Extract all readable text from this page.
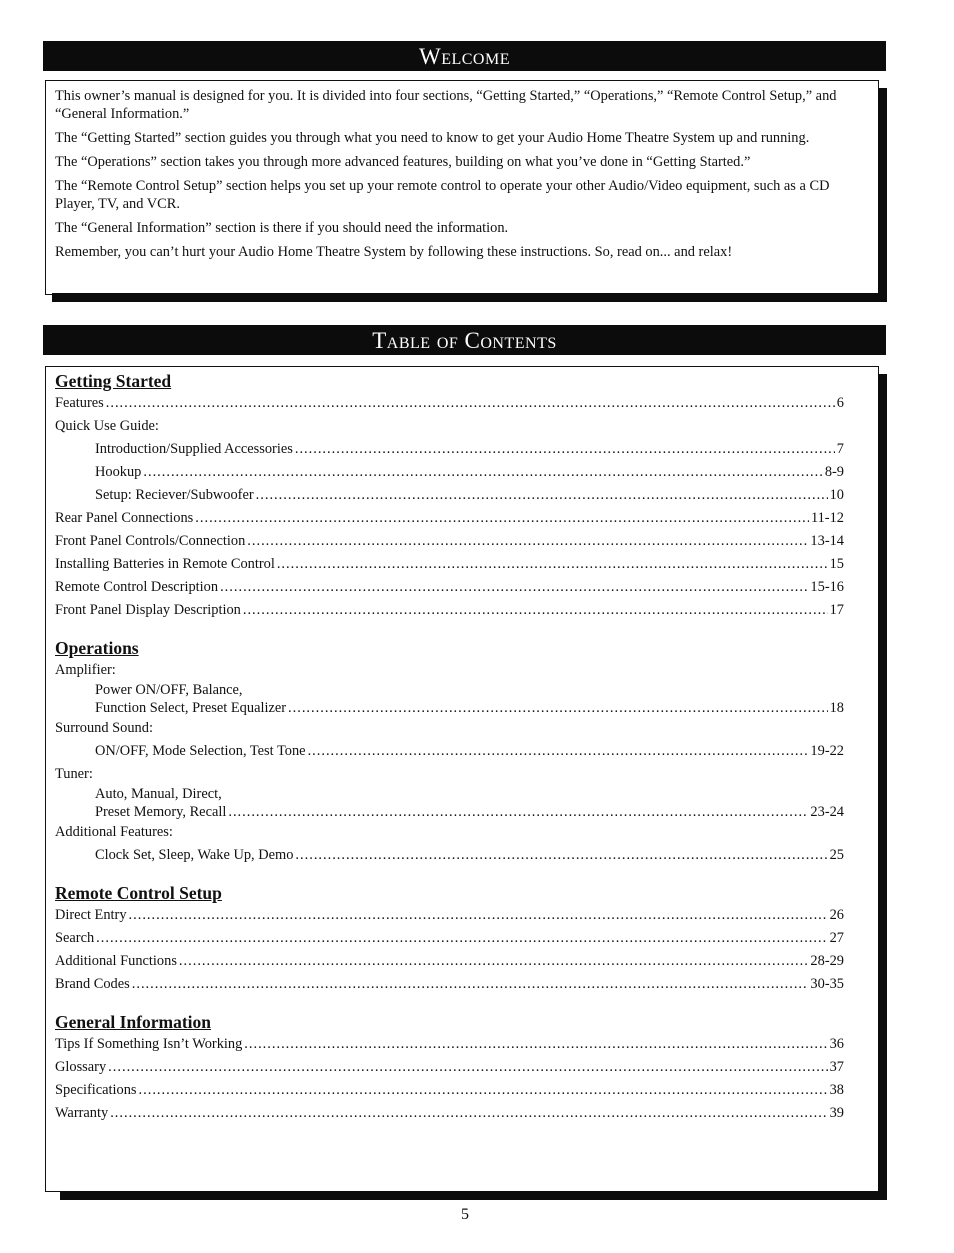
Welcome

This owner’s manual is designed for you. It is divided into four sections, “Getting Started,” “Operations,” “Remote Control Setup,” and “General Information.”

The “Getting Started” section guides you through what you need to know to get your Audio Home Theatre System up and running.

The “Operations” section takes you through more advanced features, building on what you’ve done in “Getting Started.”

The “Remote Control Setup” section helps you set up your remote control to operate your other Audio/Video equipment, such as a CD Player, TV, and VCR.

The “General Information” section is there if you should need the information.

Remember, you can’t hurt your Audio Home Theatre System by following these instructions. So, read on... and relax!

Table of Contents
Getting Started
Features .....	6
Quick Use Guide:
Introduction/Supplied Accessories .....	7
Hookup .....	8-9
Setup: Reciever/Subwoofer .....	10
Rear Panel Connections .....	11-12
Front Panel Controls/Connection .....	13-14
Installing Batteries in Remote Control .....	15
Remote Control Description .....	15-16
Front Panel Display Description .....	17
Operations
Amplifier:
Power ON/OFF, Balance,
Function Select, Preset Equalizer .....	18
Surround Sound:
ON/OFF, Mode Selection, Test Tone .....	19-22
Tuner:
Auto, Manual, Direct,
Preset Memory, Recall .....	23-24
Additional Features:
Clock Set, Sleep, Wake Up, Demo .....	25
Remote Control Setup
Direct Entry .....	26
Search .....	27
Additional Functions .....	28-29
Brand Codes .....	30-35
General Information
Tips If Something Isn’t Working .....	36
Glossary .....	37
Specifications .....	38
Warranty .....	39
5
